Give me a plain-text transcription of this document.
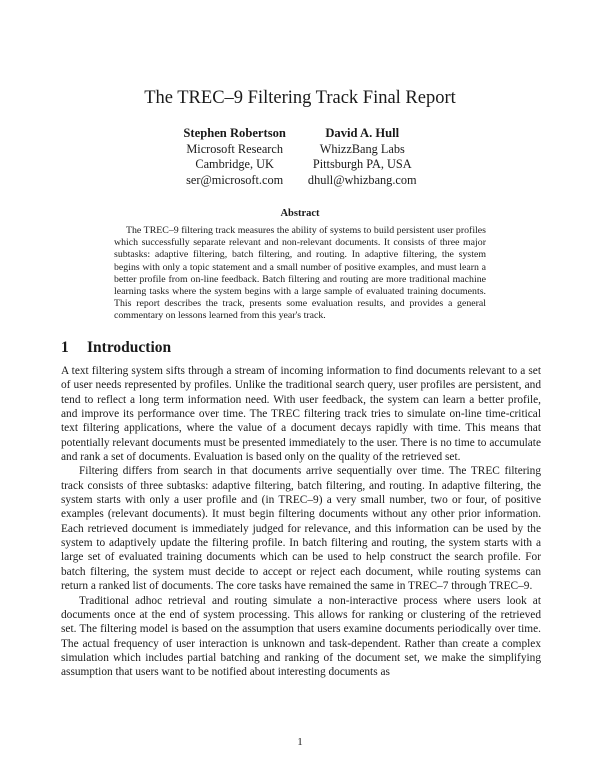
The TREC–9 Filtering Track Final Report
Stephen Robertson
Microsoft Research
Cambridge, UK
ser@microsoft.com
David A. Hull
WhizzBang Labs
Pittsburgh PA, USA
dhull@whizbang.com
Abstract
The TREC–9 filtering track measures the ability of systems to build persistent user profiles which successfully separate relevant and non-relevant documents. It consists of three major subtasks: adaptive filtering, batch filtering, and routing. In adaptive filtering, the system begins with only a topic statement and a small number of positive examples, and must learn a better profile from on-line feedback. Batch filtering and routing are more traditional machine learning tasks where the system begins with a large sample of evaluated training documents. This report describes the track, presents some evaluation results, and provides a general commentary on lessons learned from this year's track.
1 Introduction

A text filtering system sifts through a stream of incoming information to find documents relevant to a set of user needs represented by profiles. Unlike the traditional search query, user profiles are persistent, and tend to reflect a long term information need. With user feedback, the system can learn a better profile, and improve its performance over time. The TREC filtering track tries to simulate on-line time-critical text filtering applications, where the value of a document decays rapidly with time. This means that potentially relevant documents must be presented immediately to the user. There is no time to accumulate and rank a set of documents. Evaluation is based only on the quality of the retrieved set.

Filtering differs from search in that documents arrive sequentially over time. The TREC filtering track consists of three subtasks: adaptive filtering, batch filtering, and routing. In adaptive filtering, the system starts with only a user profile and (in TREC–9) a very small number, two or four, of positive examples (relevant documents). It must begin filtering documents without any other prior information. Each retrieved document is immediately judged for relevance, and this information can be used by the system to adaptively update the filtering profile. In batch filtering and routing, the system starts with a large set of evaluated training documents which can be used to help construct the search profile. For batch filtering, the system must decide to accept or reject each document, while routing systems can return a ranked list of documents. The core tasks have remained the same in TREC–7 through TREC–9.

Traditional adhoc retrieval and routing simulate a non-interactive process where users look at documents once at the end of system processing. This allows for ranking or clustering of the retrieved set. The filtering model is based on the assumption that users examine documents periodically over time. The actual frequency of user interaction is unknown and task-dependent. Rather than create a complex simulation which includes partial batching and ranking of the document set, we make the simplifying assumption that users want to be notified about interesting documents as

1
